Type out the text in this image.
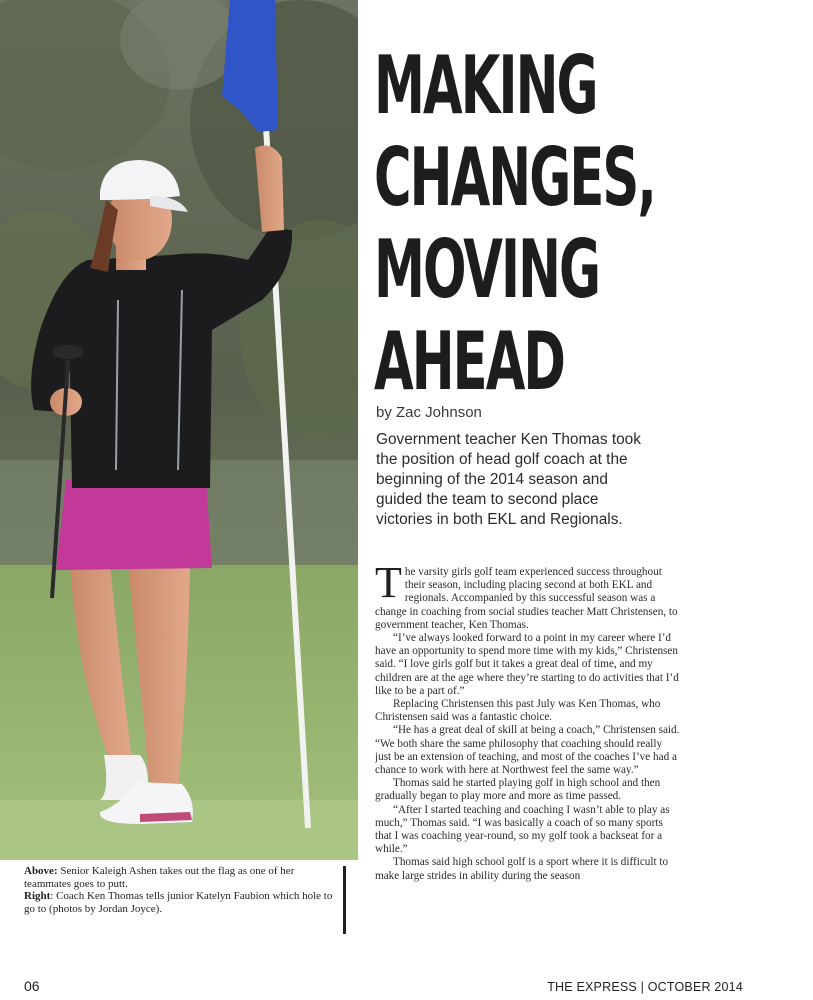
MAKING
CHANGES,
MOVING
AHEAD
by Zac Johnson
Government teacher Ken Thomas took the position of head golf coach at the beginning of the 2014 season and guided the team to second place victories in both EKL and Regionals.

The varsity girls golf team experienced success throughout their season, including placing second at both EKL and regionals. Accompanied by this successful season was a change in coaching from social studies teacher Matt Christensen, to government teacher, Ken Thomas.

“I’ve always looked forward to a point in my career where I’d have an opportunity to spend more time with my kids,” Christensen said. “I love girls golf but it takes a great deal of time, and my children are at the age where they’re starting to do activities that I’d like to be a part of.”

Replacing Christensen this past July was Ken Thomas, who Christensen said was a fantastic choice.

“He has a great deal of skill at being a coach,” Christensen said. “We both share the same philosophy that coaching should really just be an extension of teaching, and most of the coaches I’ve had a chance to work with here at Northwest feel the same way.”

Thomas said he started playing golf in high school and then gradually began to play more and more as time passed.

“After I started teaching and coaching I wasn’t able to play as much,” Thomas said. “I was basically a coach of so many sports that I was coaching year-round, so my golf took a backseat for a while.”

Thomas said high school golf is a sport where it is difficult to make large strides in ability during the season

Above: Senior Kaleigh Ashen takes out the flag as one of her teammates goes to putt.
Right: Coach Ken Thomas tells junior Katelyn Faubion which hole to go to (photos by Jordan Joyce).
06	THE EXPRESS | OCTOBER 2014
